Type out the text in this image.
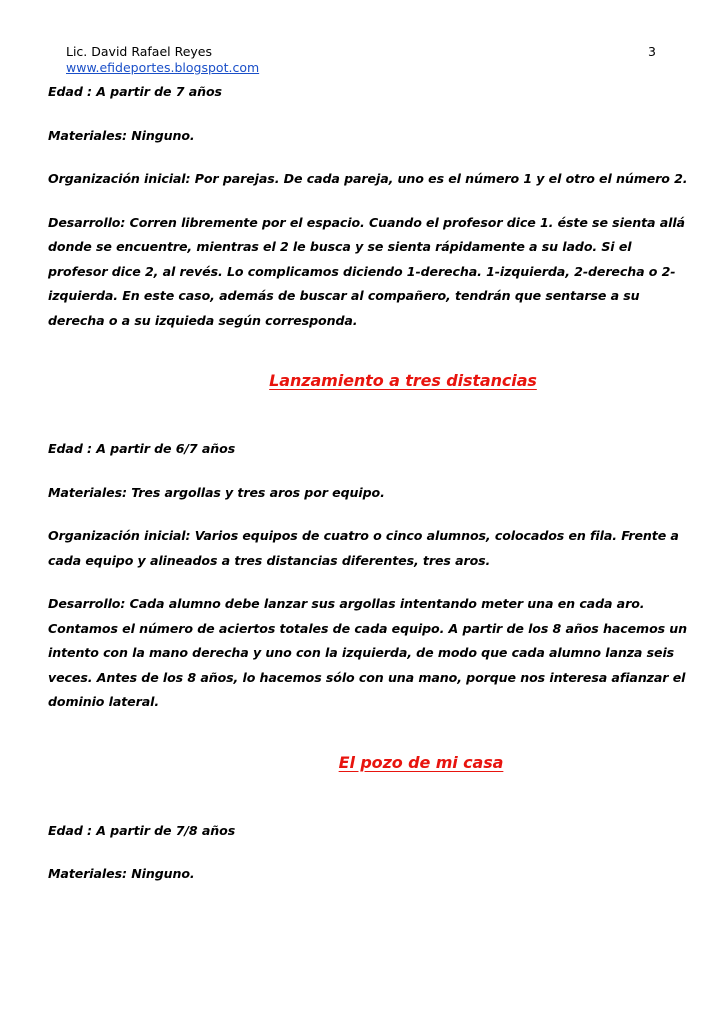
Lic. David Rafael Reyes	3
www.efideportes.blogspot.com

Edad : A partir de 7 años

Materiales: Ninguno.

Organización inicial: Por parejas. De cada pareja, uno es el número 1 y el otro el número 2.

Desarrollo: Corren libremente por el espacio. Cuando el profesor dice 1. éste se sienta allá donde se encuentre, mientras el 2 le busca y se sienta rápidamente a su lado. Si el profesor dice 2, al revés. Lo complicamos diciendo 1-derecha. 1-izquierda, 2-derecha o 2-izquierda. En este caso, además de buscar al compañero, tendrán que sentarse a su derecha o a su izquieda según corresponda.

Lanzamiento a tres distancias

Edad : A partir de 6/7 años

Materiales: Tres argollas y tres aros por equipo.

Organización inicial: Varios equipos de cuatro o cinco alumnos, colocados en fila. Frente a cada equipo y alineados a tres distancias diferentes, tres aros.

Desarrollo: Cada alumno debe lanzar sus argollas intentando meter una en cada aro. Contamos el número de aciertos totales de cada equipo. A partir de los 8 años hacemos un intento con la mano derecha y uno con la izquierda, de modo que cada alumno lanza seis veces. Antes de los 8 años, lo hacemos sólo con una mano, porque nos interesa afianzar el dominio lateral.

El pozo de mi casa

Edad : A partir de 7/8 años

Materiales: Ninguno.
